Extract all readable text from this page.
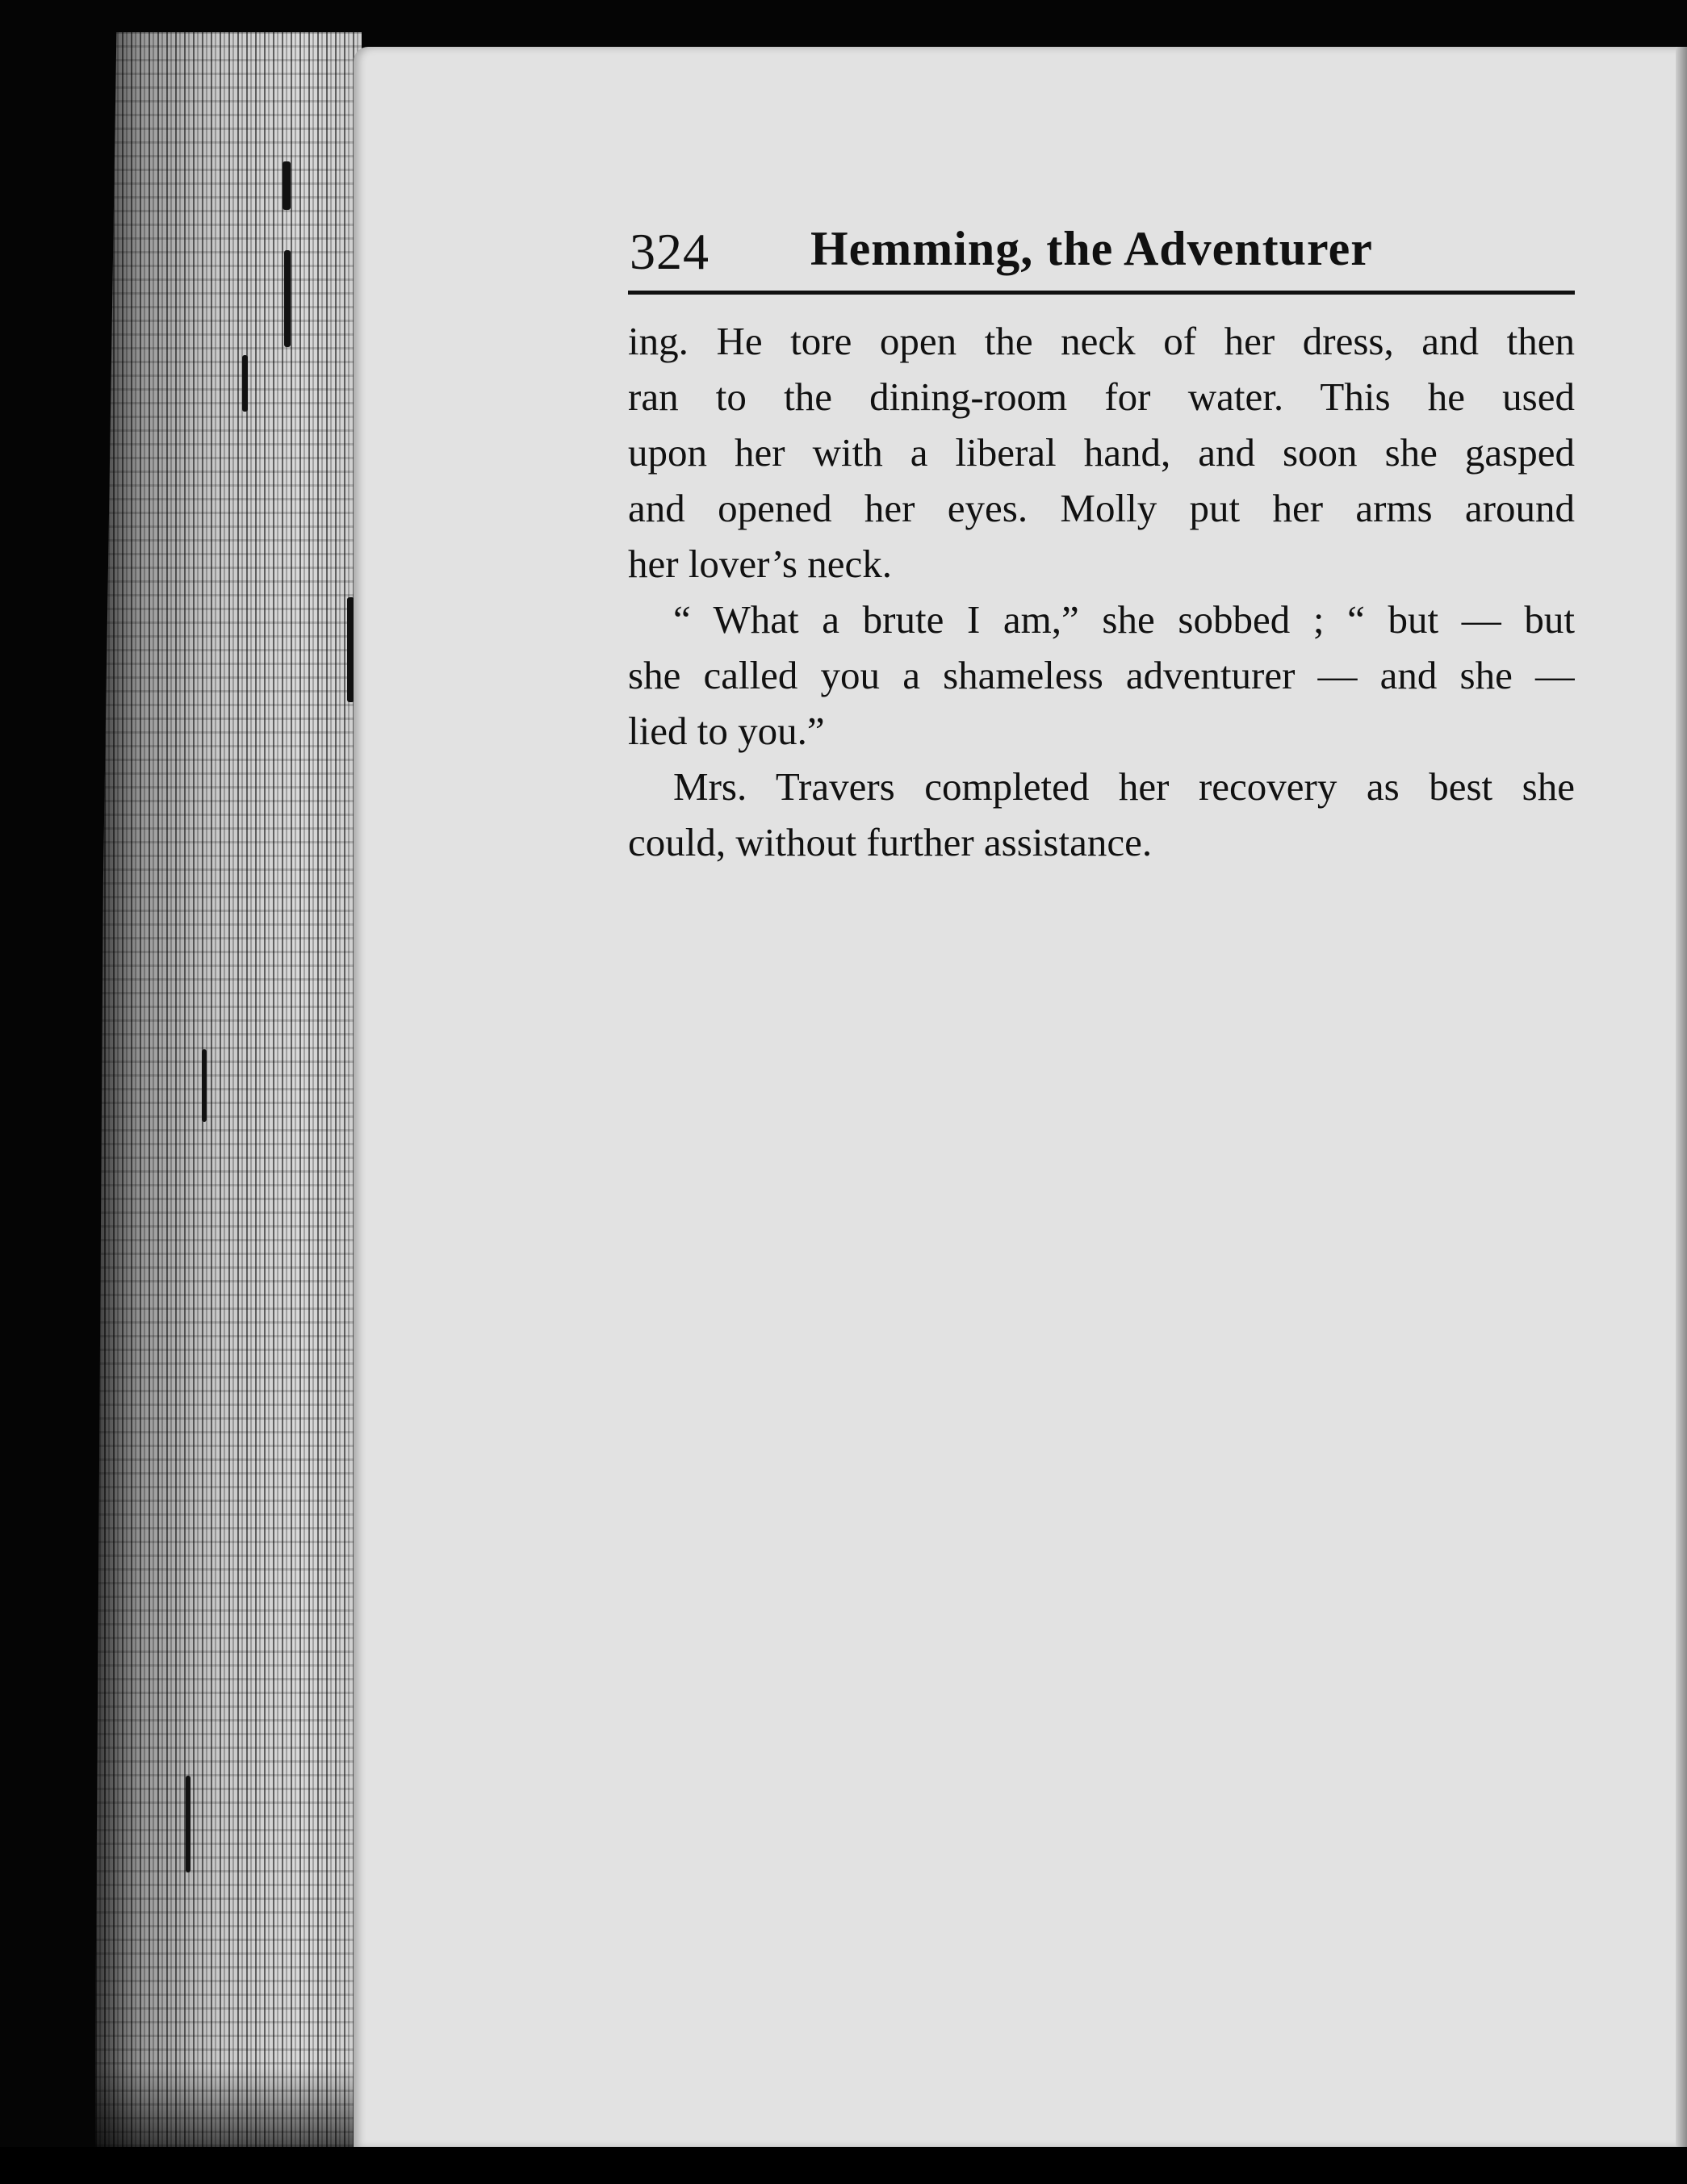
324 Hemming, the Adventurer
ing. He tore open the neck of her dress, and then
ran to the dining-room for water. This he used
upon her with a liberal hand, and soon she gasped
and opened her eyes. Molly put her arms around
her lover’s neck.
“ What a brute I am,” she sobbed ; “ but — but
she called you a shameless adventurer — and she —
lied to you.”
Mrs. Travers completed her recovery as best she
could, without further assistance.
